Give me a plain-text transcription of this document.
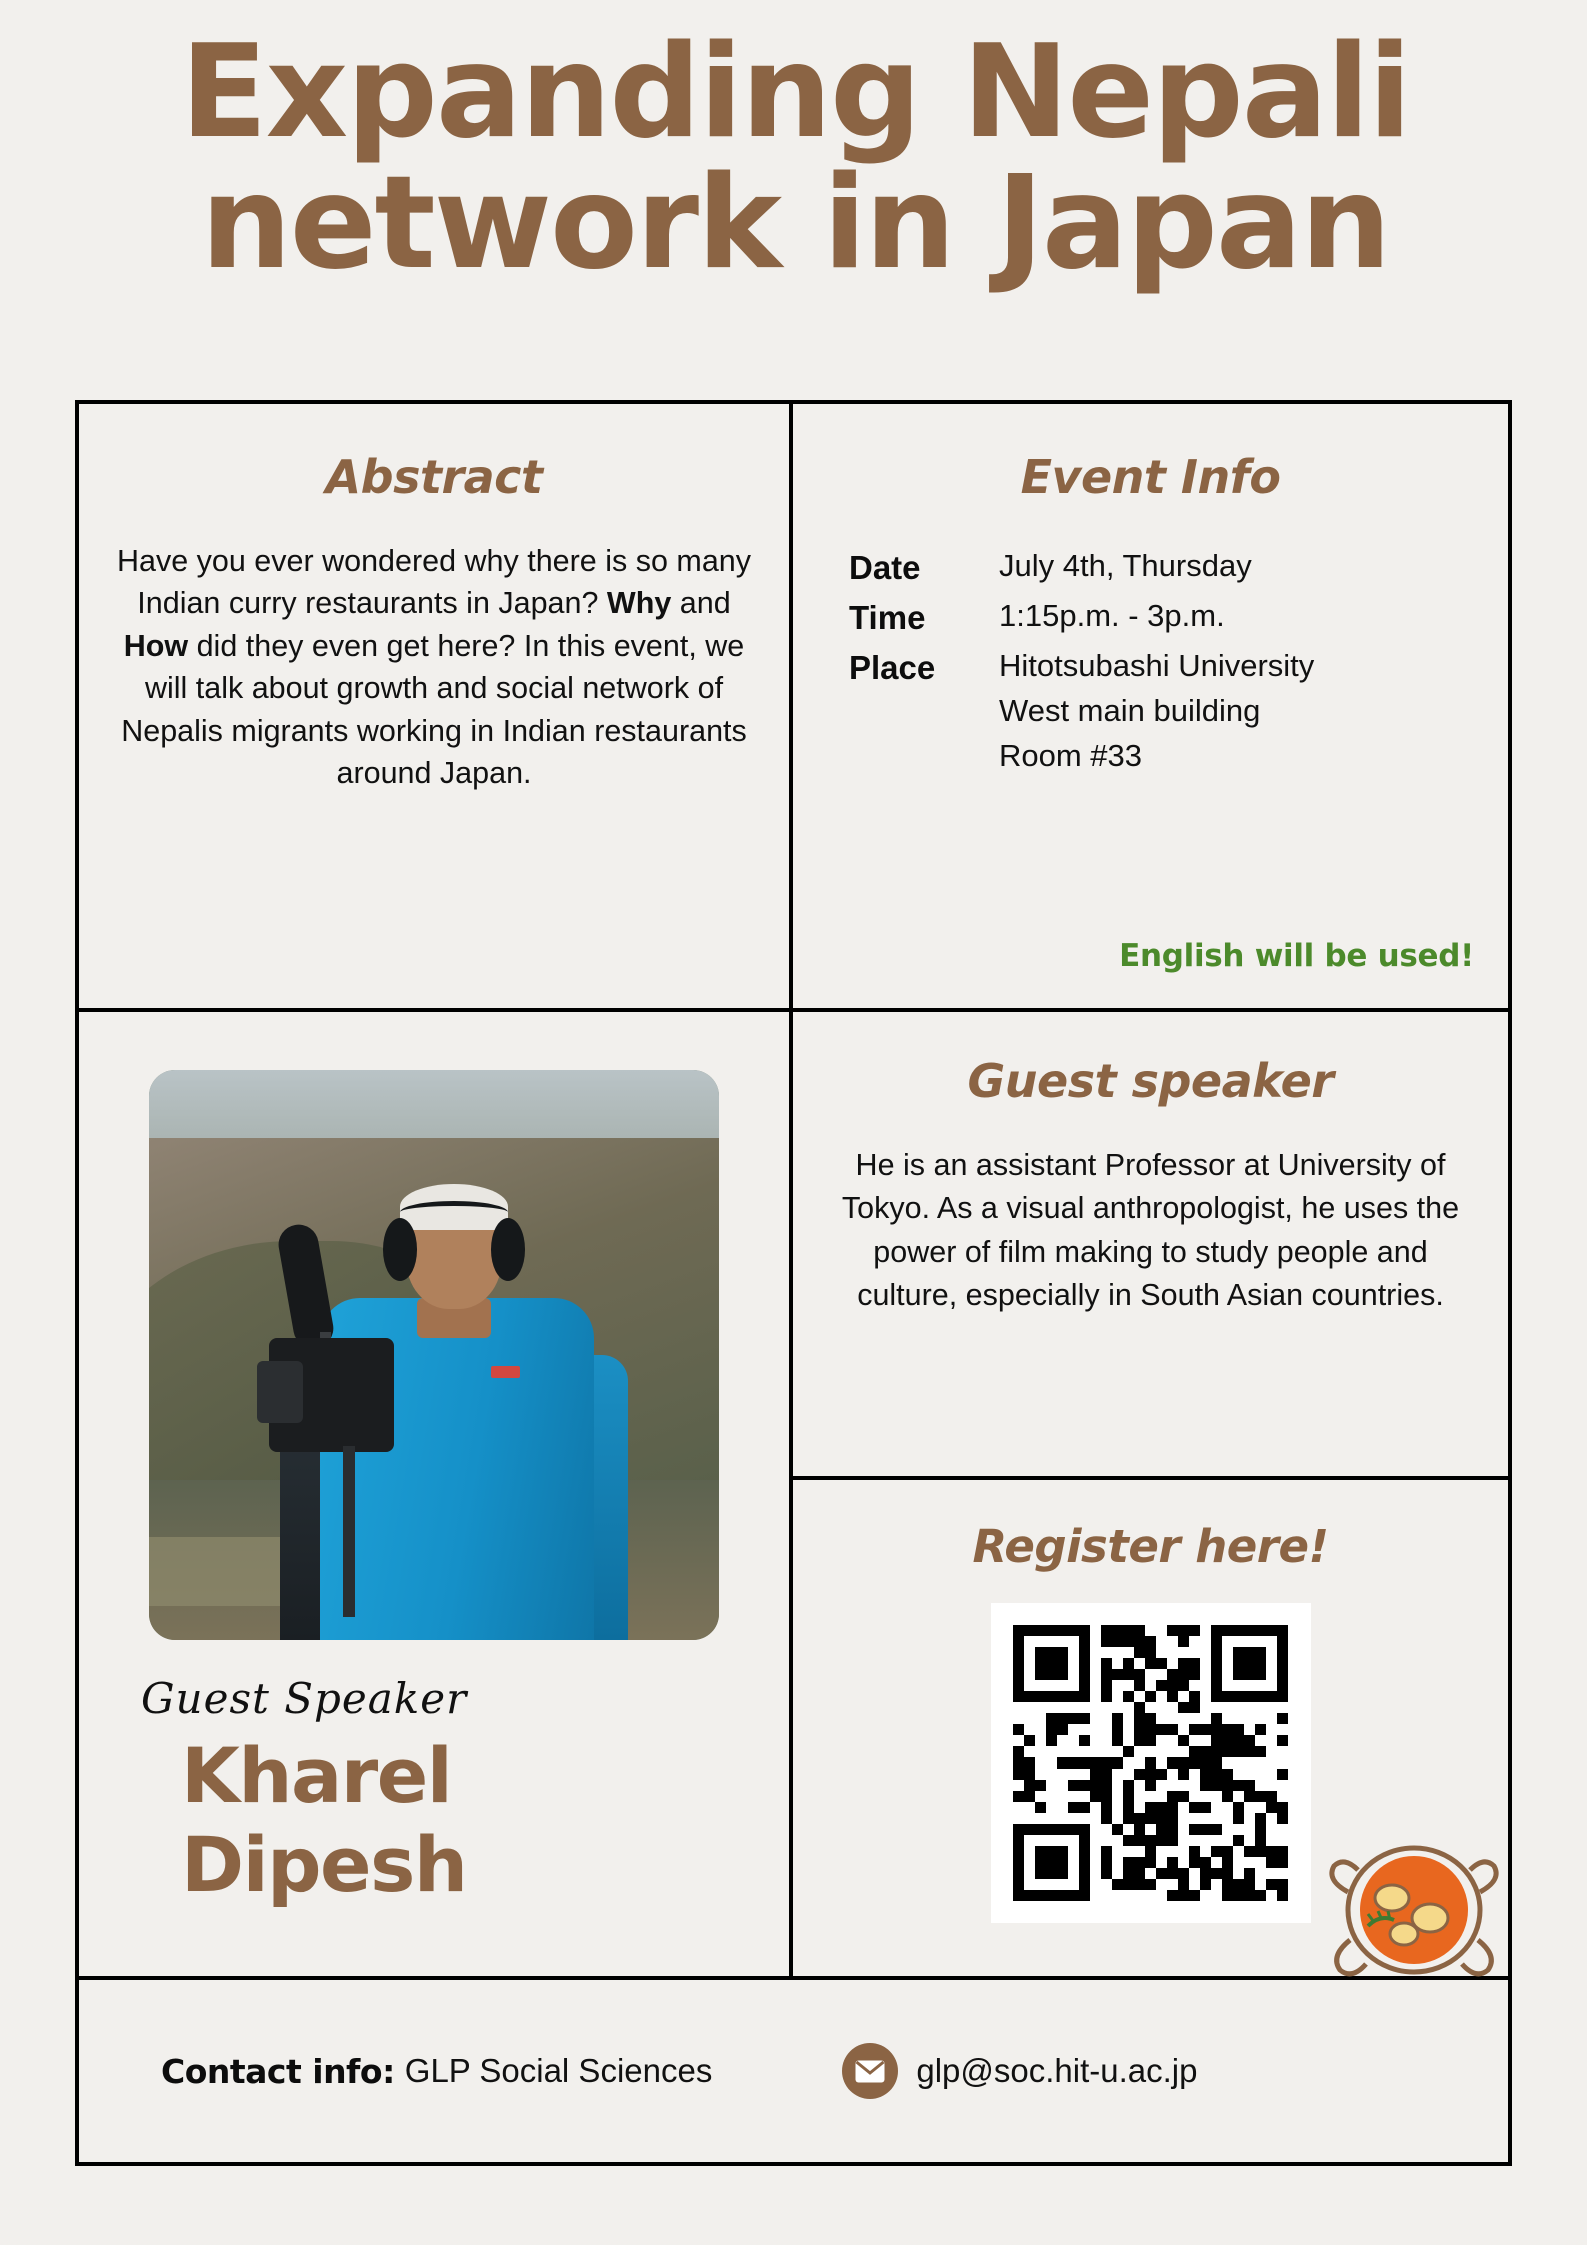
Expanding Nepali
network in Japan
Abstract

Have you ever wondered why there is so many Indian curry restaurants in Japan? Why and How did they even get here? In this event, we will talk about growth and social network of Nepalis migrants working in Indian restaurants around Japan.

Event Info
Date	July 4th, Thursday
Time	1:15p.m. - 3p.m.
Place	Hitotsubashi University
West main building
Room #33
English will be used!
Guest Speaker
Kharel Dipesh
Guest speaker

He is an assistant Professor at University of Tokyo. As a visual anthropologist, he uses the power of film making to study people and culture, especially in South Asian countries.

Register here!
Contact info: GLP Social Sciences	glp@soc.hit-u.ac.jp
